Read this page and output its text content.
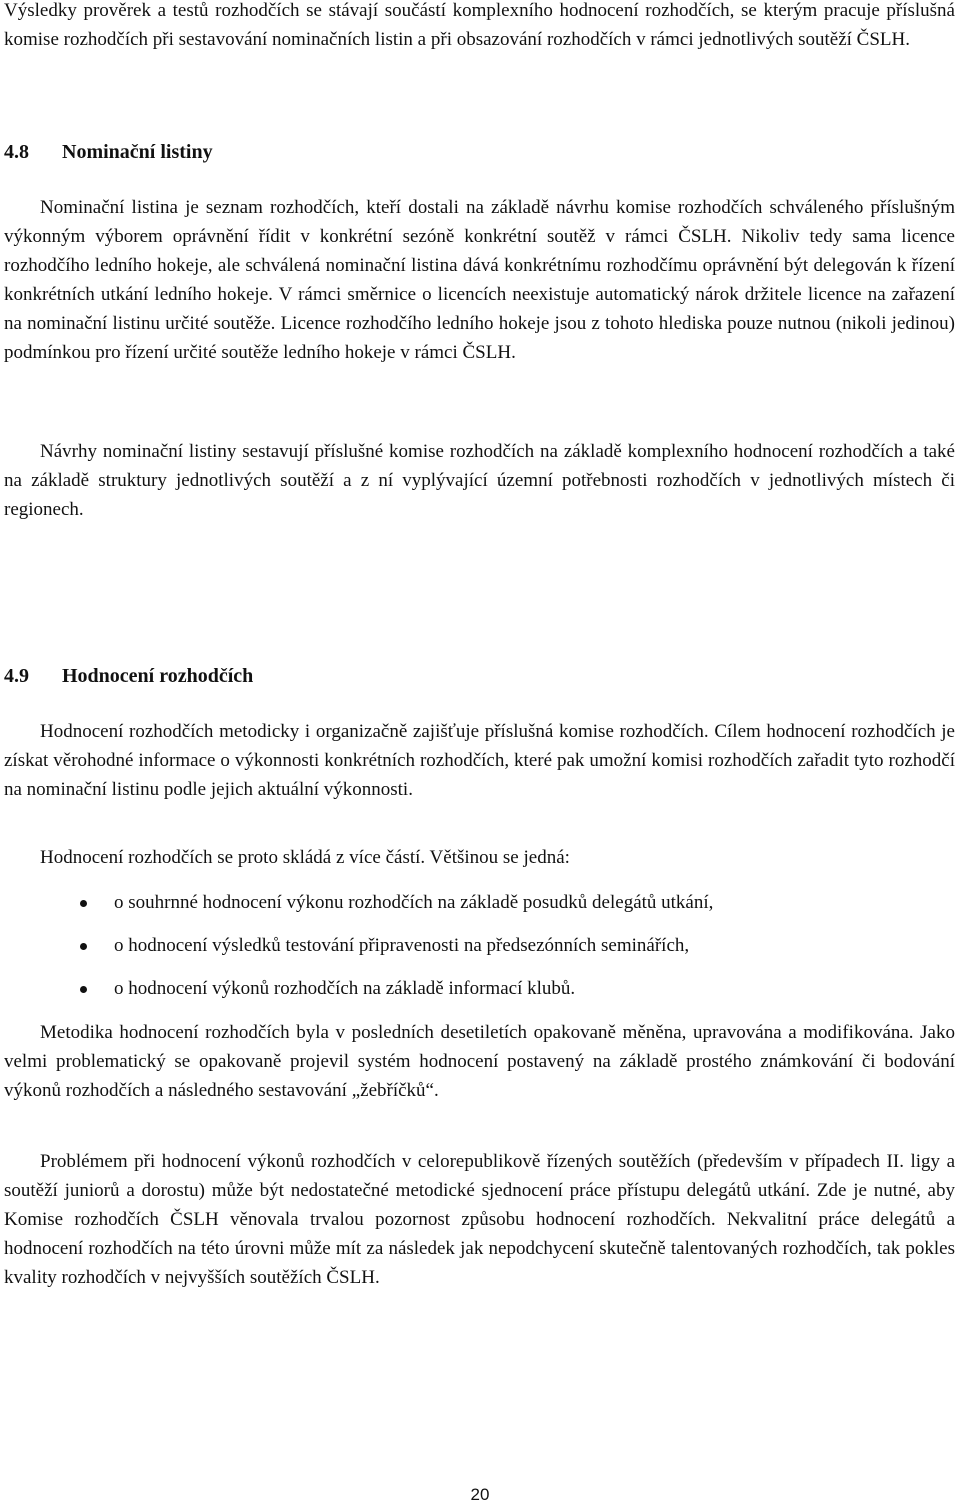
Výsledky prověrek a testů rozhodčích se stávají součástí komplexního hodnocení rozhodčích, se kterým pracuje příslušná komise rozhodčích při sestavování nominačních listin a při obsazování rozhodčích v rámci jednotlivých soutěží ČSLH.

4.8 Nominační listiny

Nominační listina je seznam rozhodčích, kteří dostali na základě návrhu komise rozhodčích schváleného příslušným výkonným výborem oprávnění řídit v konkrétní sezóně konkrétní soutěž v rámci ČSLH. Nikoliv tedy sama licence rozhodčího ledního hokeje, ale schválená nominační listina dává konkrétnímu rozhodčímu oprávnění být delegován k řízení konkrétních utkání ledního hokeje. V rámci směrnice o licencích neexistuje automatický nárok držitele licence na zařazení na nominační listinu určité soutěže. Licence rozhodčího ledního hokeje jsou z tohoto hlediska pouze nutnou (nikoli jedinou) podmínkou pro řízení určité soutěže ledního hokeje v rámci ČSLH.

Návrhy nominační listiny sestavují příslušné komise rozhodčích na základě komplexního hodnocení rozhodčích a také na základě struktury jednotlivých soutěží a z ní vyplývající územní potřebnosti rozhodčích v jednotlivých místech či regionech.

4.9 Hodnocení rozhodčích

Hodnocení rozhodčích metodicky i organizačně zajišťuje příslušná komise rozhodčích. Cílem hodnocení rozhodčích je získat věrohodné informace o výkonnosti konkrétních rozhodčích, které pak umožní komisi rozhodčích zařadit tyto rozhodčí na nominační listinu podle jejich aktuální výkonnosti.

Hodnocení rozhodčích se proto skládá z více částí. Většinou se jedná:

o souhrnné hodnocení výkonu rozhodčích na základě posudků delegátů utkání,
o hodnocení výsledků testování připravenosti na předsezónních seminářích,
o hodnocení výkonů rozhodčích na základě informací klubů.

Metodika hodnocení rozhodčích byla v posledních desetiletích opakovaně měněna, upravována a modifikována. Jako velmi problematický se opakovaně projevil systém hodnocení postavený na základě prostého známkování či bodování výkonů rozhodčích a následného sestavování „žebříčků“.

Problémem při hodnocení výkonů rozhodčích v celorepublikově řízených soutěžích (především v případech II. ligy a soutěží juniorů a dorostu) může být nedostatečné metodické sjednocení práce přístupu delegátů utkání. Zde je nutné, aby Komise rozhodčích ČSLH věnovala trvalou pozornost způsobu hodnocení rozhodčích. Nekvalitní práce delegátů a hodnocení rozhodčích na této úrovni může mít za následek jak nepodchycení skutečně talentovaných rozhodčích, tak pokles kvality rozhodčích v nejvyšších soutěžích ČSLH.

20
